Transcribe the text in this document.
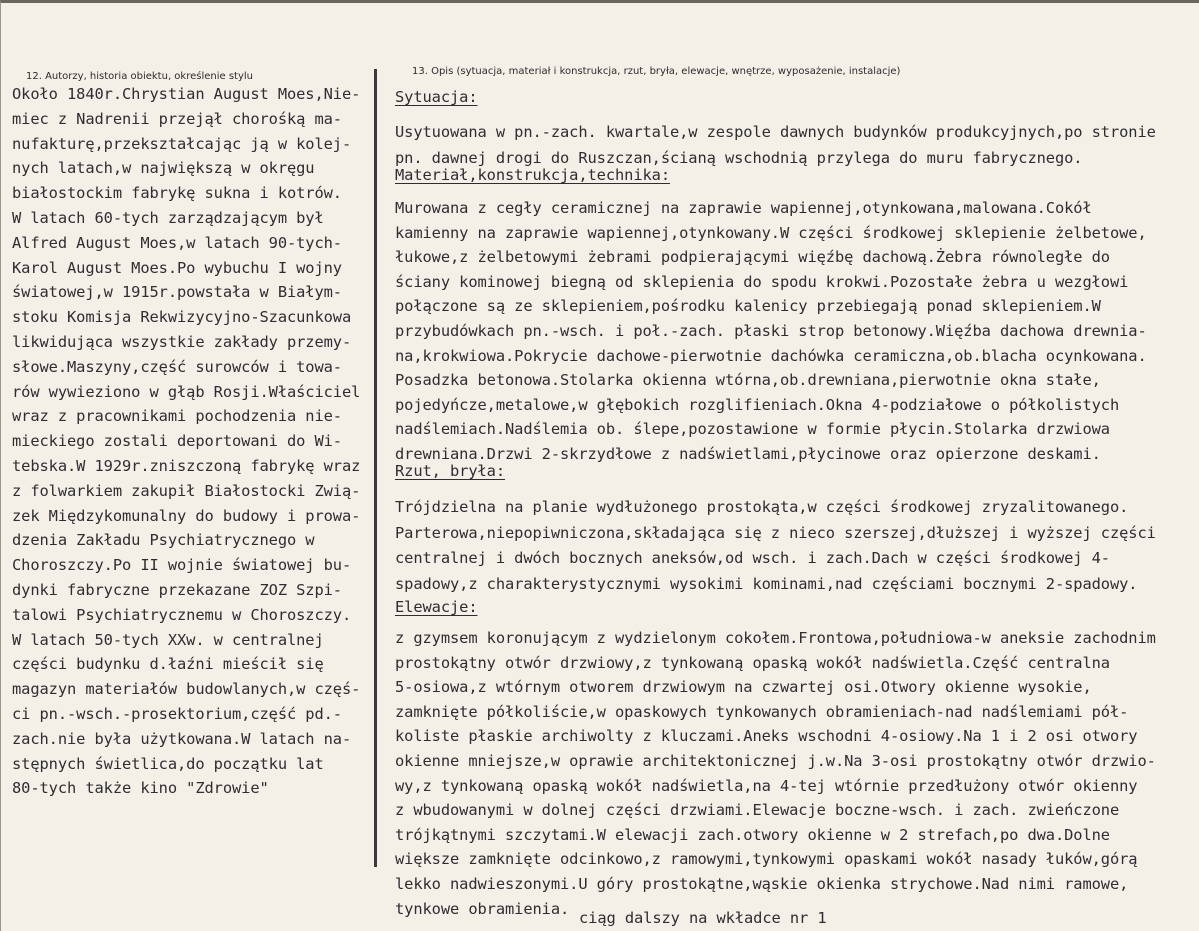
12. Autorzy, historia obiektu, określenie stylu	13. Opis (sytuacja, materiał i konstrukcja, rzut, bryła, elewacje, wnętrze, wyposażenie, instalacje)
Około 1840r.Chrystian August Moes,Nie-
miec z Nadrenii przejął chorośką ma-
nufakturę,przekształcając ją w kolej-
nych latach,w największą w okręgu
białostockim fabrykę sukna i kotrów.
W latach 60-tych zarządzającym był
Alfred August Moes,w latach 90-tych-
Karol August Moes.Po wybuchu I wojny
światowej,w 1915r.powstała w Białym-
stoku Komisja Rekwizycyjno-Szacunkowa
likwidująca wszystkie zakłady przemy-
słowe.Maszyny,część surowców i towa-
rów wywieziono w głąb Rosji.Właściciel
wraz z pracownikami pochodzenia nie-
mieckiego zostali deportowani do Wi-
tebska.W 1929r.zniszczoną fabrykę wraz
z folwarkiem zakupił Białostocki Zwią-
zek Międzykomunalny do budowy i prowa-
dzenia Zakładu Psychiatrycznego w
Choroszczy.Po II wojnie światowej bu-
dynki fabryczne przekazane ZOZ Szpi-
talowi Psychiatrycznemu w Choroszczy.
W latach 50-tych XXw. w centralnej
części budynku d.łaźni mieścił się
magazyn materiałów budowlanych,w częś-
ci pn.-wsch.-prosektorium,część pd.-
zach.nie była użytkowana.W latach na-
stępnych świetlica,do początku lat
80-tych także kino "Zdrowie"
Sytuacja:
Usytuowana w pn.-zach. kwartale,w zespole dawnych budynków produkcyjnych,po stronie
pn. dawnej drogi do Ruszczan,ścianą wschodnią przylega do muru fabrycznego.
Materiał,konstrukcja,technika:
Murowana z cegły ceramicznej na zaprawie wapiennej,otynkowana,malowana.Cokół
kamienny na zaprawie wapiennej,otynkowany.W części środkowej sklepienie żelbetowe,
łukowe,z żelbetowymi żebrami podpierającymi więźbę dachową.Żebra równoległe do
ściany kominowej biegną od sklepienia do spodu krokwi.Pozostałe żebra u wezgłowi
połączone są ze sklepieniem,pośrodku kalenicy przebiegają ponad sklepieniem.W
przybudówkach pn.-wsch. i poł.-zach. płaski strop betonowy.Więźba dachowa drewnia-
na,krokwiowa.Pokrycie dachowe-pierwotnie dachówka ceramiczna,ob.blacha ocynkowana.
Posadzka betonowa.Stolarka okienna wtórna,ob.drewniana,pierwotnie okna stałe,
pojedyńcze,metalowe,w głębokich rozglifieniach.Okna 4-podziałowe o półkolistych
nadślemiach.Nadślemia ob. ślepe,pozostawione w formie płycin.Stolarka drzwiowa
drewniana.Drzwi 2-skrzydłowe z nadświetlami,płycinowe oraz opierzone deskami.
Rzut, bryła:
Trójdzielna na planie wydłużonego prostokąta,w części środkowej zryzalitowanego.
Parterowa,niepopiwniczona,składająca się z nieco szerszej,dłuższej i wyższej części
centralnej i dwóch bocznych aneksów,od wsch. i zach.Dach w części środkowej 4-
spadowy,z charakterystycznymi wysokimi kominami,nad częściami bocznymi 2-spadowy.
Elewacje:
z gzymsem koronującym z wydzielonym cokołem.Frontowa,południowa-w aneksie zachodnim
prostokątny otwór drzwiowy,z tynkowaną opaską wokół nadświetla.Część centralna
5-osiowa,z wtórnym otworem drzwiowym na czwartej osi.Otwory okienne wysokie,
zamknięte półkoliście,w opaskowych tynkowanych obramieniach-nad nadślemiami pół-
koliste płaskie archiwolty z kluczami.Aneks wschodni 4-osiowy.Na 1 i 2 osi otwory
okienne mniejsze,w oprawie architektonicznej j.w.Na 3-osi prostokątny otwór drzwio-
wy,z tynkowaną opaską wokół nadświetla,na 4-tej wtórnie przedłużony otwór okienny
z wbudowanymi w dolnej części drzwiami.Elewacje boczne-wsch. i zach. zwieńczone
trójkątnymi szczytami.W elewacji zach.otwory okienne w 2 strefach,po dwa.Dolne
większe zamknięte odcinkowo,z ramowymi,tynkowymi opaskami wokół nasady łuków,górą
lekko nadwieszonymi.U góry prostokątne,wąskie okienka strychowe.Nad nimi ramowe,
tynkowe obramienia.
ciąg dalszy na wkładce nr 1
